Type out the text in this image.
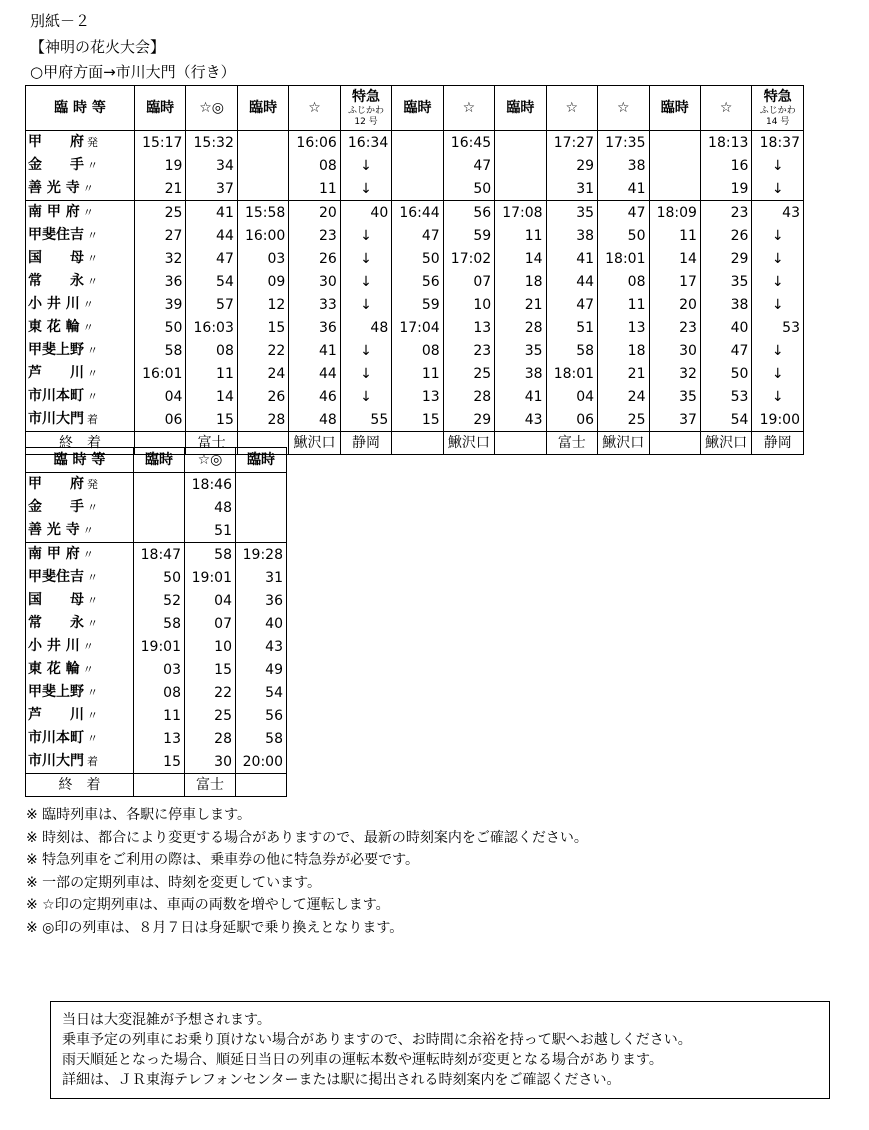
別紙－２
【神明の花火大会】
○甲府方面→市川大門（行き）
臨 時 等	臨時	☆◎	臨時	☆	特急
ふじかわ
12 号	臨時	☆	臨時	☆	☆	臨時	☆	特急
ふじかわ
14 号

甲　　府 発	15:17	15:32		16:06	16:34		16:45		17:27	17:35		18:13	18:37
金　　手 〃	19	34		08	↓		47		29	38		16	↓
善 光 寺 〃	21	37		11	↓		50		31	41		19	↓
南 甲 府 〃	25	41	15:58	20	40	16:44	56	17:08	35	47	18:09	23	43
甲斐住吉 〃	27	44	16:00	23	↓	47	59	11	38	50	11	26	↓
国　　母 〃	32	47	03	26	↓	50	17:02	14	41	18:01	14	29	↓
常　　永 〃	36	54	09	30	↓	56	07	18	44	08	17	35	↓
小 井 川 〃	39	57	12	33	↓	59	10	21	47	11	20	38	↓
東 花 輪 〃	50	16:03	15	36	48	17:04	13	28	51	13	23	40	53
甲斐上野 〃	58	08	22	41	↓	08	23	35	58	18	30	47	↓
芦　　川 〃	16:01	11	24	44	↓	11	25	38	18:01	21	32	50	↓
市川本町 〃	04	14	26	46	↓	13	28	41	04	24	35	53	↓
市川大門 着	06	15	28	48	55	15	29	43	06	25	37	54	19:00
終　着		富士		鰍沢口	静岡		鰍沢口		富士	鰍沢口		鰍沢口	静岡
臨 時 等	臨時	☆◎	臨時
甲　　府 発		18:46	
金　　手 〃		48	
善 光 寺 〃		51	
南 甲 府 〃	18:47	58	19:28
甲斐住吉 〃	50	19:01	31
国　　母 〃	52	04	36
常　　永 〃	58	07	40
小 井 川 〃	19:01	10	43
東 花 輪 〃	03	15	49
甲斐上野 〃	08	22	54
芦　　川 〃	11	25	56
市川本町 〃	13	28	58
市川大門 着	15	30	20:00
終　着		富士	
※ 臨時列車は、各駅に停車します。
※ 時刻は、都合により変更する場合がありますので、最新の時刻案内をご確認ください。
※ 特急列車をご利用の際は、乗車券の他に特急券が必要です。
※ 一部の定期列車は、時刻を変更しています。
※ ☆印の定期列車は、車両の両数を増やして運転します。
※ ◎印の列車は、８月７日は身延駅で乗り換えとなります。
当日は大変混雑が予想されます。
乗車予定の列車にお乗り頂けない場合がありますので、お時間に余裕を持って駅へお越しください。
雨天順延となった場合、順延日当日の列車の運転本数や運転時刻が変更となる場合があります。
詳細は、ＪＲ東海テレフォンセンターまたは駅に掲出される時刻案内をご確認ください。
